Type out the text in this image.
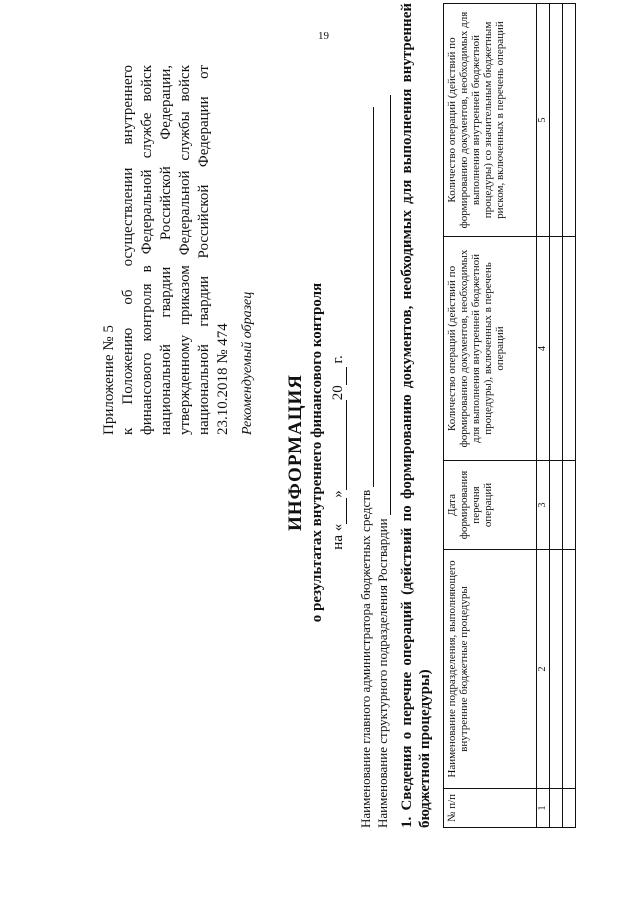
19
Приложение № 5 к Положению об осуществлении внутреннего финансового контроля в Федеральной службе войск национальной гвардии Российской Федерации, утвержденному приказом Федеральной службы войск национальной гвардии Российской Федерации от 23.10.2018 № 474 Рекомендуемый образец
ИНФОРМАЦИЯ о результатах внутреннего финансового контроля на «»20 г.
Наименование главного администратора бюджетных средств Наименование структурного подразделения Росгвардии 1. Сведения о перечне операций (действий по формированию документов, необходимых для выполнения внутренней бюджетной процедуры) № п/п	Наименование подразделения, выполняющего внутренние бюджетные процедуры	Дата формирования перечня операций	Количество операций (действий по формированию документов, необходимых для выполнения внутренней бюджетной процедуры), включенных в перечень операций	Количество операций (действий по формированию документов, необходимых для выполнения внутренней бюджетной процедуры) со значительным бюджетным риском, включенных в перечень операций
1	2	3	4	5
